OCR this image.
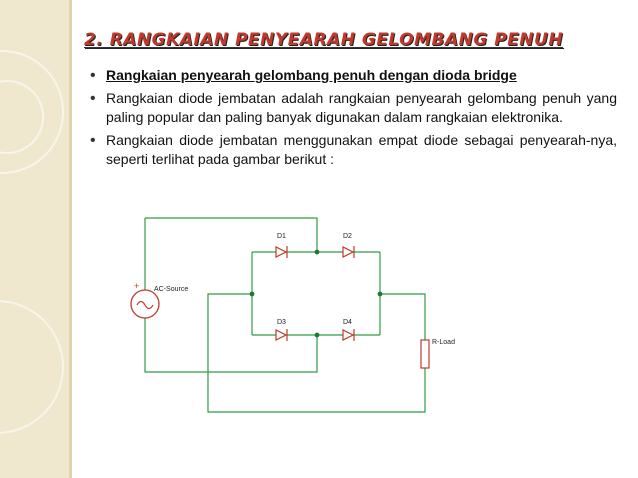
2. RANGKAIAN PENYEARAH GELOMBANG PENUH

• Rangkaian penyearah gelombang penuh dengan dioda bridge

• Rangkaian diode jembatan adalah rangkaian penyearah gelombang penuh yang paling popular dan paling banyak digunakan dalam rangkaian elektronika.

• Rangkaian diode jembatan menggunakan empat diode sebagai penyearah-nya, seperti terlihat pada gambar berikut :

+
D1	D2
D3	D4
AC-Source
R-Load
